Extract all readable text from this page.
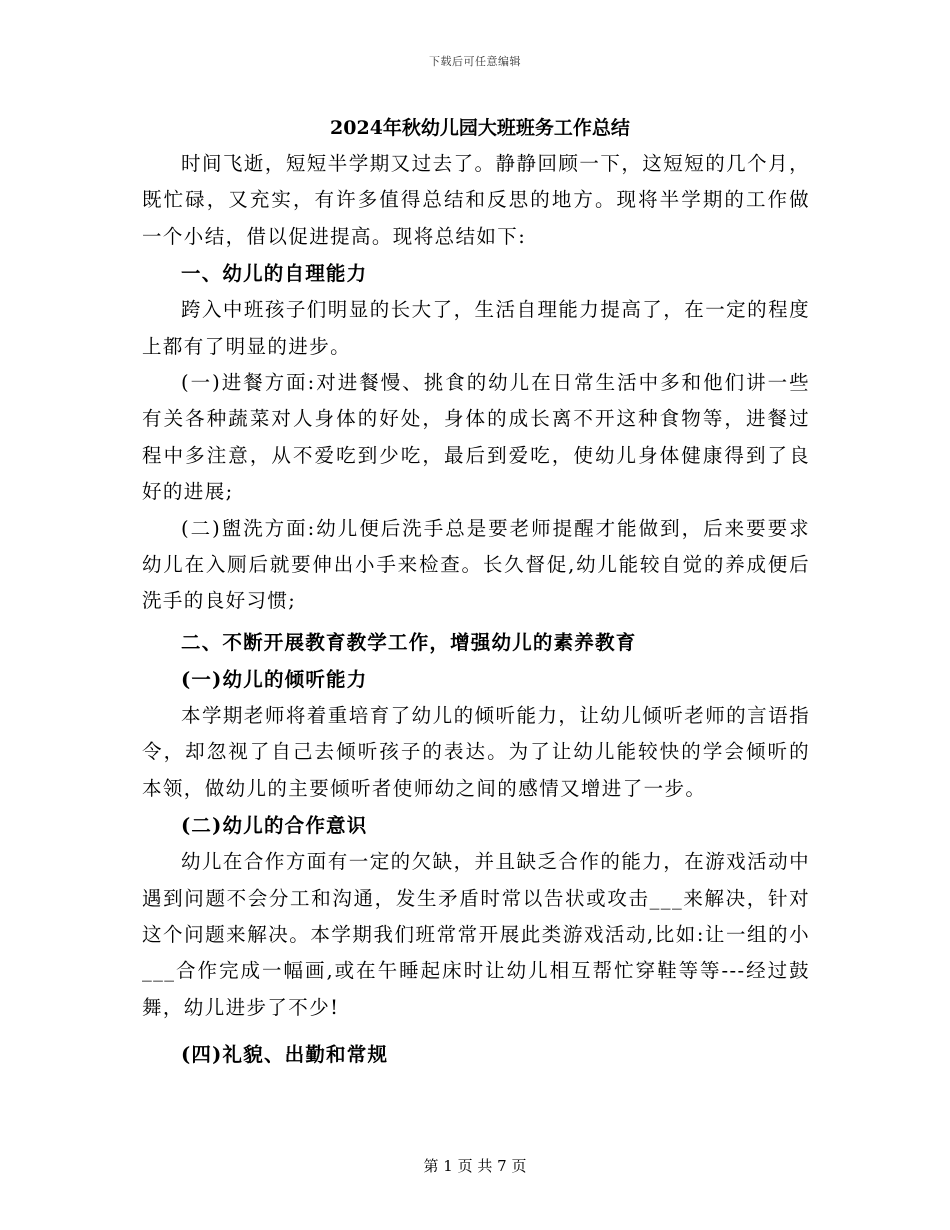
下载后可任意编辑
2024年秋幼儿园大班班务工作总结

时间飞逝，短短半学期又过去了。静静回顾一下，这短短的几个月，既忙碌，又充实，有许多值得总结和反思的地方。现将半学期的工作做一个小结，借以促进提高。现将总结如下:

一、幼儿的自理能力

跨入中班孩子们明显的长大了，生活自理能力提高了，在一定的程度上都有了明显的进步。

(一)进餐方面:对进餐慢、挑食的幼儿在日常生活中多和他们讲一些有关各种蔬菜对人身体的好处，身体的成长离不开这种食物等，进餐过程中多注意，从不爱吃到少吃，最后到爱吃，使幼儿身体健康得到了良好的进展;

(二)盥洗方面:幼儿便后洗手总是要老师提醒才能做到，后来要要求幼儿在入厕后就要伸出小手来检查。长久督促,幼儿能较自觉的养成便后洗手的良好习惯;

二、不断开展教育教学工作，增强幼儿的素养教育

(一)幼儿的倾听能力

本学期老师将着重培育了幼儿的倾听能力，让幼儿倾听老师的言语指令，却忽视了自己去倾听孩子的表达。为了让幼儿能较快的学会倾听的本领，做幼儿的主要倾听者使师幼之间的感情又增进了一步。

(二)幼儿的合作意识

幼儿在合作方面有一定的欠缺，并且缺乏合作的能力，在游戏活动中遇到问题不会分工和沟通，发生矛盾时常以告状或攻击___来解决，针对这个问题来解决。本学期我们班常常开展此类游戏活动,比如:让一组的小___合作完成一幅画,或在午睡起床时让幼儿相互帮忙穿鞋等等---经过鼓舞，幼儿进步了不少!

(四)礼貌、出勤和常规

第 1 页 共 7 页
